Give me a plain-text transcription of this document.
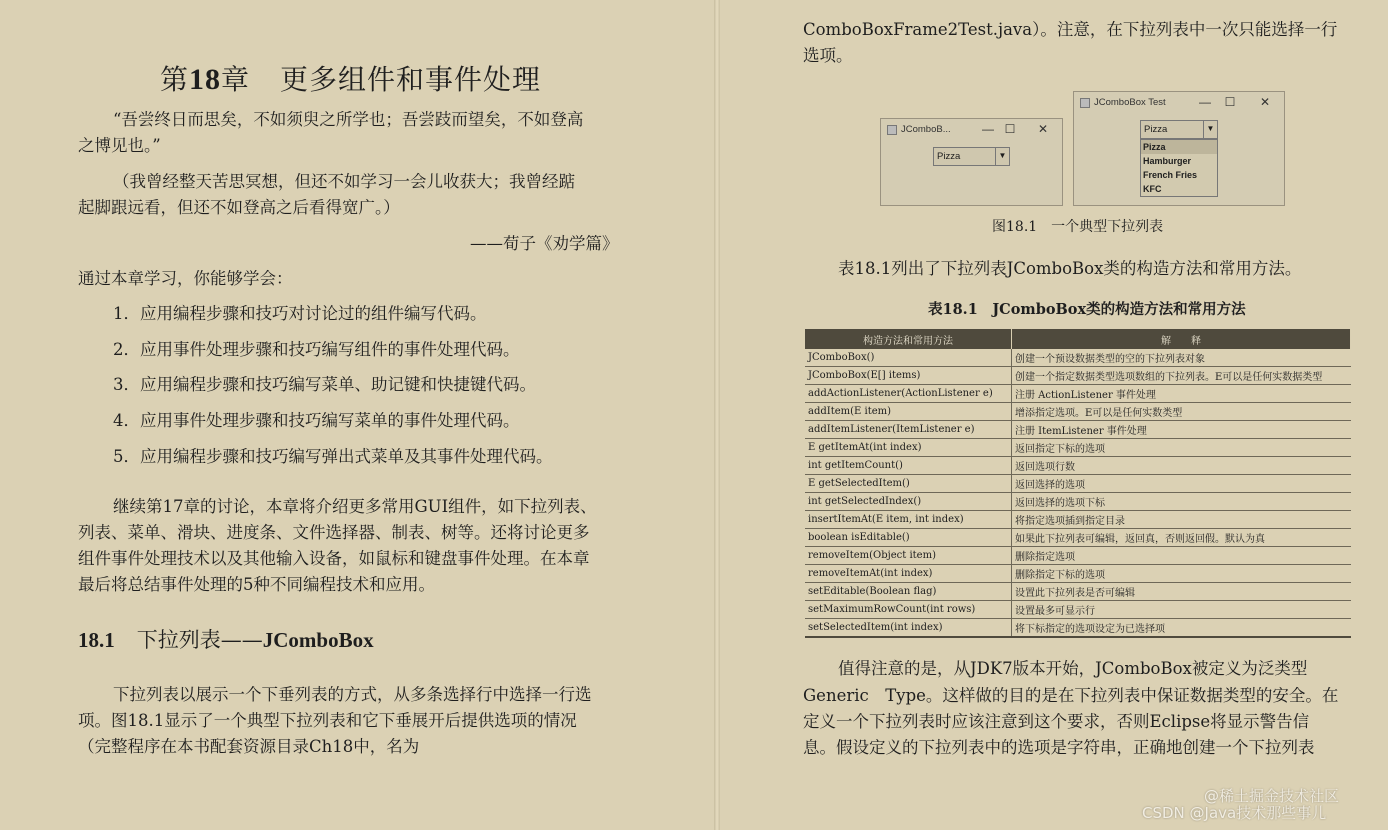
第18章 更多组件和事件处理
“吾尝终日而思矣，不如须臾之所学也；吾尝跂而望矣，不如登高
之博见也。”
（我曾经整天苦思冥想，但还不如学习一会儿收获大；我曾经踮
起脚跟远看，但还不如登高之后看得宽广。）
——荀子《劝学篇》
通过本章学习，你能够学会：
1．应用编程步骤和技巧对讨论过的组件编写代码。
2．应用事件处理步骤和技巧编写组件的事件处理代码。
3．应用编程步骤和技巧编写菜单、助记键和快捷键代码。
4．应用事件处理步骤和技巧编写菜单的事件处理代码。
5．应用编程步骤和技巧编写弹出式菜单及其事件处理代码。
继续第17章的讨论，本章将介绍更多常用GUI组件，如下拉列表、
列表、菜单、滑块、进度条、文件选择器、制表、树等。还将讨论更多
组件事件处理技术以及其他输入设备，如鼠标和键盘事件处理。在本章
最后将总结事件处理的5种不同编程技术和应用。
18.1 下拉列表——JComboBox
下拉列表以展示一个下垂列表的方式，从多条选择行中选择一行选
项。图18.1显示了一个典型下拉列表和它下垂展开后提供选项的情况
（完整程序在本书配套资源目录Ch18中，名为
ComboBoxFrame2Test.java）。注意，在下拉列表中一次只能选择一行
选项。
JComboB...	— ☐	✕
Pizza	▼
JComboBox Test	—	☐	✕
Pizza	▼
Pizza
Hamburger
French Fries
KFC
图18.1　一个典型下拉列表
表18.1列出了下拉列表JComboBox类的构造方法和常用方法。
表18.1　JComboBox类的构造方法和常用方法
构造方法和常用方法	解　　释
JComboBox()	创建一个预设数据类型的空的下拉列表对象
JComboBox(E[] items)	创建一个指定数据类型选项数组的下拉列表。E可以是任何实数据类型
addActionListener(ActionListener e)	注册 ActionListener 事件处理
addItem(E item)	增添指定选项。E可以是任何实数类型
addItemListener(ItemListener e)	注册 ItemListener 事件处理
E getItemAt(int index)	返回指定下标的选项
int getItemCount()	返回选项行数
E getSelectedItem()	返回选择的选项
int getSelectedIndex()	返回选择的选项下标
insertItemAt(E item, int index)	将指定选项插到指定目录
boolean isEditable()	如果此下拉列表可编辑，返回真，否则返回假。默认为真
removeItem(Object item)	删除指定选项
removeItemAt(int index)	删除指定下标的选项
setEditable(Boolean flag)	设置此下拉列表是否可编辑
setMaximumRowCount(int rows)	设置最多可显示行
setSelectedItem(int index)	将下标指定的选项设定为已选择项
值得注意的是，从JDK7版本开始，JComboBox被定义为泛类型
Generic　Type。这样做的目的是在下拉列表中保证数据类型的安全。在
定义一个下拉列表时应该注意到这个要求，否则Eclipse将显示警告信
息。假设定义的下拉列表中的选项是字符串，正确地创建一个下拉列表
@稀土掘金技术社区
CSDN @Java技术那些事儿
